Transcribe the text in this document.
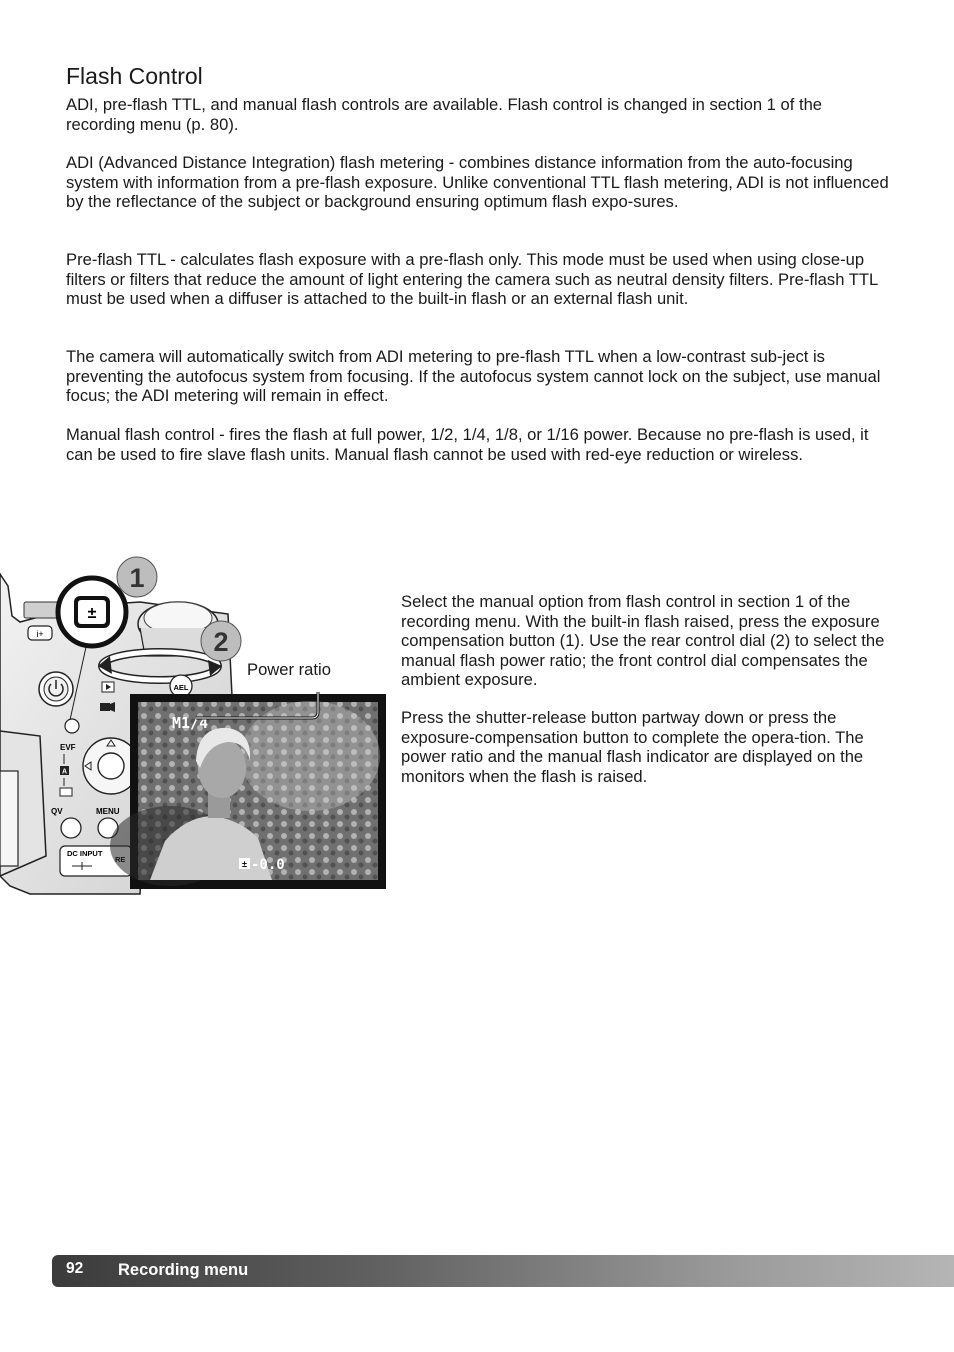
Flash Control

ADI, pre-flash TTL, and manual flash controls are available. Flash control is changed in section 1 of the recording menu (p. 80).

ADI (Advanced Distance Integration) flash metering - combines distance information from the auto-focusing system with information from a pre-flash exposure. Unlike conventional TTL flash metering, ADI is not influenced by the reflectance of the subject or background ensuring optimum flash expo-sures.

Pre-flash TTL - calculates flash exposure with a pre-flash only. This mode must be used when using close-up filters or filters that reduce the amount of light entering the camera such as neutral density filters. Pre-flash TTL must be used when a diffuser is attached to the built-in flash or an external flash unit.

The camera will automatically switch from ADI metering to pre-flash TTL when a low-contrast sub-ject is preventing the autofocus system from focusing. If the autofocus system cannot lock on the subject, use manual focus; the ADI metering will remain in effect.

Manual flash control - fires the flash at full power, 1/2, 1/4, 1/8, or 1/16 power. Because no pre-flash is used, it can be used to fire slave flash units. Manual flash cannot be used with red-eye reduction or wireless.

i+
AEL
±
1
2
EVF
A
QV	MENU
DC INPUT
M1/4
± -0.0
Power ratio

Select the manual option from flash control in section 1 of the recording menu. With the built-in flash raised, press the exposure compensation button (1). Use the rear control dial (2) to select the manual flash power ratio; the front control dial compensates the ambient exposure.

Press the shutter-release button partway down or press the exposure-compensation button to complete the opera-tion. The power ratio and the manual flash indicator are displayed on the monitors when the flash is raised.

92 Recording menu
